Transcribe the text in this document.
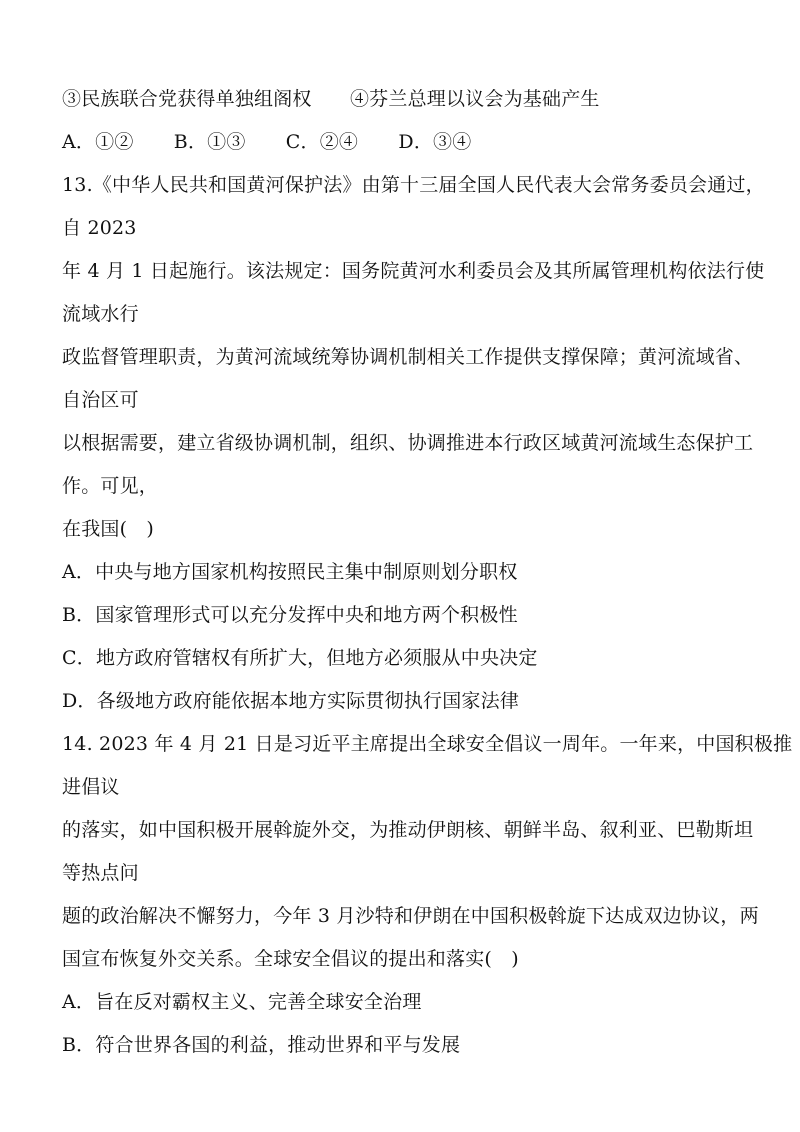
③民族联合党获得单独组阁权　　④芬兰总理以议会为基础产生
A．①② B．①③ C．②④ D．③④
13.《中华人民共和国黄河保护法》由第十三届全国人民代表大会常务委员会通过，
自 2023
年 4 月 1 日起施行。该法规定：国务院黄河水利委员会及其所属管理机构依法行使
流域水行
政监督管理职责，为黄河流域统筹协调机制相关工作提供支撑保障；黄河流域省、
自治区可
以根据需要，建立省级协调机制，组织、协调推进本行政区域黄河流域生态保护工
作。可见，
在我国(　)
A．中央与地方国家机构按照民主集中制原则划分职权
B．国家管理形式可以充分发挥中央和地方两个积极性
C．地方政府管辖权有所扩大，但地方必须服从中央决定
D．各级地方政府能依据本地方实际贯彻执行国家法律
14. 2023 年 4 月 21 日是习近平主席提出全球安全倡议一周年。一年来，中国积极推
进倡议
的落实，如中国积极开展斡旋外交，为推动伊朗核、朝鲜半岛、叙利亚、巴勒斯坦
等热点问
题的政治解决不懈努力，今年 3 月沙特和伊朗在中国积极斡旋下达成双边协议，两
国宣布恢复外交关系。全球安全倡议的提出和落实(　)
A．旨在反对霸权主义、完善全球安全治理
B．符合世界各国的利益，推动世界和平与发展
